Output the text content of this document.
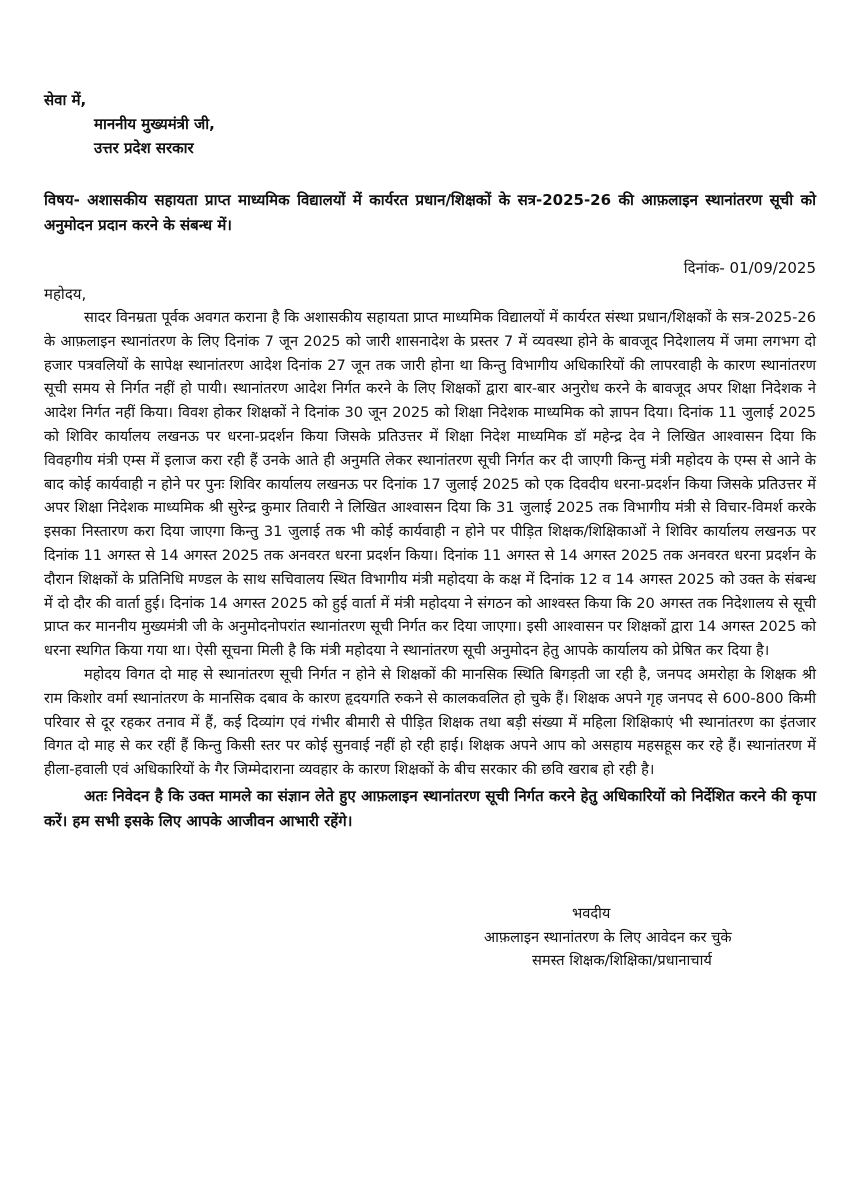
सेवा में,

माननीय मुख्यमंत्री जी,

उत्तर प्रदेश सरकार

विषय- अशासकीय सहायता प्राप्त माध्यमिक विद्यालयों में कार्यरत प्रधान/शिक्षकों के सत्र-2025-26 की आफ़लाइन स्थानांतरण सूची को अनुमोदन प्रदान करने के संबन्ध में।
दिनांक- 01/09/2025
महोदय,

सादर विनम्रता पूर्वक अवगत कराना है कि अशासकीय सहायता प्राप्त माध्यमिक विद्यालयों में कार्यरत संस्था प्रधान/शिक्षकों के सत्र-2025-26 के आफ़लाइन स्थानांतरण के लिए दिनांक 7 जून 2025 को जारी शासनादेश के प्रस्तर 7 में व्यवस्था होने के बावजूद निदेशालय में जमा लगभग दो हजार पत्रवलियों के सापेक्ष स्थानांतरण आदेश दिनांक 27 जून तक जारी होना था किन्तु विभागीय अधिकारियों की लापरवाही के कारण स्थानांतरण सूची समय से निर्गत नहीं हो पायी। स्थानांतरण आदेश निर्गत करने के लिए शिक्षकों द्वारा बार-बार अनुरोध करने के बावजूद अपर शिक्षा निदेशक ने आदेश निर्गत नहीं किया। विवश होकर शिक्षकों ने दिनांक 30 जून 2025 को शिक्षा निदेशक माध्यमिक को ज्ञापन दिया। दिनांक 11 जुलाई 2025 को शिविर कार्यालय लखनऊ पर धरना-प्रदर्शन किया जिसके प्रतिउत्तर में शिक्षा निदेश माध्यमिक डॉ महेन्द्र देव ने लिखित आश्वासन दिया कि विवहगीय मंत्री एम्स में इलाज करा रही हैं उनके आते ही अनुमति लेकर स्थानांतरण सूची निर्गत कर दी जाएगी किन्तु मंत्री महोदय के एम्स से आने के बाद कोई कार्यवाही न होने पर पुनः शिविर कार्यालय लखनऊ पर दिनांक 17 जुलाई 2025 को एक दिवदीय धरना-प्रदर्शन किया जिसके प्रतिउत्तर में अपर शिक्षा निदेशक माध्यमिक श्री सुरेन्द्र कुमार तिवारी ने लिखित आश्वासन दिया कि 31 जुलाई 2025 तक विभागीय मंत्री से विचार-विमर्श करके इसका निस्तारण करा दिया जाएगा किन्तु 31 जुलाई तक भी कोई कार्यवाही न होने पर पीड़ित शिक्षक/शिक्षिकाओं ने शिविर कार्यालय लखनऊ पर दिनांक 11 अगस्त से 14 अगस्त 2025 तक अनवरत धरना प्रदर्शन किया। दिनांक 11 अगस्त से 14 अगस्त 2025 तक अनवरत धरना प्रदर्शन के दौरान शिक्षकों के प्रतिनिधि मण्डल के साथ सचिवालय स्थित विभागीय मंत्री महोदया के कक्ष में दिनांक 12 व 14 अगस्त 2025 को उक्त के संबन्ध में दो दौर की वार्ता हुई। दिनांक 14 अगस्त 2025 को हुई वार्ता में मंत्री महोदया ने संगठन को आश्वस्त किया कि 20 अगस्त तक निदेशालय से सूची प्राप्त कर माननीय मुख्यमंत्री जी के अनुमोदनोपरांत स्थानांतरण सूची निर्गत कर दिया जाएगा। इसी आश्वासन पर शिक्षकों द्वारा 14 अगस्त 2025 को धरना स्थगित किया गया था। ऐसी सूचना मिली है कि मंत्री महोदया ने स्थानांतरण सूची अनुमोदन हेतु आपके कार्यालय को प्रेषित कर दिया है।

महोदय विगत दो माह से स्थानांतरण सूची निर्गत न होने से शिक्षकों की मानसिक स्थिति बिगड़ती जा रही है, जनपद अमरोहा के शिक्षक श्री राम किशोर वर्मा स्थानांतरण के मानसिक दबाव के कारण हृदयगति रुकने से कालकवलित हो चुके हैं। शिक्षक अपने गृह जनपद से 600-800 किमी परिवार से दूर रहकर तनाव में हैं, कई दिव्यांग एवं गंभीर बीमारी से पीड़ित शिक्षक तथा बड़ी संख्या में महिला शिक्षिकाएं भी स्थानांतरण का इंतजार विगत दो माह से कर रहीं हैं किन्तु किसी स्तर पर कोई सुनवाई नहीं हो रही हाई। शिक्षक अपने आप को असहाय महसहूस कर रहे हैं। स्थानांतरण में हीला-हवाली एवं अधिकारियों के गैर जिम्मेदाराना व्यवहार के कारण शिक्षकों के बीच सरकार की छवि खराब हो रही है।

अतः निवेदन है कि उक्त मामले का संज्ञान लेते हुए आफ़लाइन स्थानांतरण सूची निर्गत करने हेतु अधिकारियों को निर्देशित करने की कृपा करें। हम सभी इसके लिए आपके आजीवन आभारी रहेंगे।

भवदीय
आफ़लाइन स्थानांतरण के लिए आवेदन कर चुके
समस्त शिक्षक/शिक्षिका/प्रधानाचार्य
